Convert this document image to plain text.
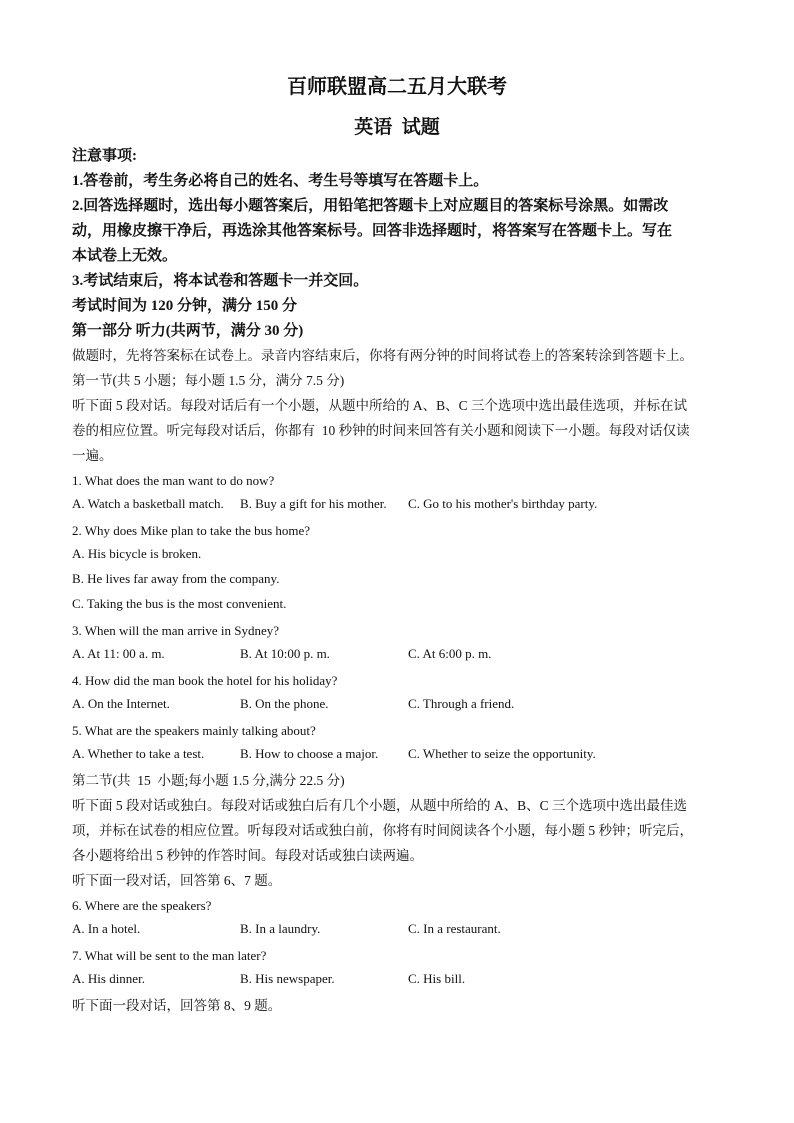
百师联盟高二五月大联考
英语  试题
注意事项:
1.答卷前，考生务必将自己的姓名、考生号等填写在答题卡上。
2.回答选择题时，选出每小题答案后，用铅笔把答题卡上对应题目的答案标号涂黑。如需改
动，用橡皮擦干净后，再选涂其他答案标号。回答非选择题时，将答案写在答题卡上。写在
本试卷上无效。
3.考试结束后，将本试卷和答题卡一并交回。
考试时间为 120 分钟，满分 150 分
第一部分 听力(共两节，满分 30 分)
做题时，先将答案标在试卷上。录音内容结束后，你将有两分钟的时间将试卷上的答案转涂到答题卡上。
第一节(共 5 小题；每小题 1.5 分，满分 7.5 分)
听下面 5 段对话。每段对话后有一个小题，从题中所给的 A、B、C 三个选项中选出最佳选项，并标在试
卷的相应位置。听完每段对话后，你都有  10 秒钟的时间来回答有关小题和阅读下一小题。每段对话仅读
一遍。
1. What does the man want to do now?
A. Watch a basketball match. B. Buy a gift for his mother. C. Go to his mother's birthday party.
2. Why does Mike plan to take the bus home?
A. His bicycle is broken.
B. He lives far away from the company.
C. Taking the bus is the most convenient.
3. When will the man arrive in Sydney?
A. At 11: 00 a. m.	B. At 10:00 p. m.	C. At 6:00 p. m.
4. How did the man book the hotel for his holiday?
A. On the Internet.	B. On the phone.	C. Through a friend.
5. What are the speakers mainly talking about?
A. Whether to take a test.	B. How to choose a major. C. Whether to seize the opportunity.
第二节(共  15  小题;每小题 1.5 分,满分 22.5 分)
听下面 5 段对话或独白。每段对话或独白后有几个小题，从题中所给的 A、B、C 三个选项中选出最佳选
项，并标在试卷的相应位置。听每段对话或独白前，你将有时间阅读各个小题，每小题 5 秒钟；听完后，
各小题将给出 5 秒钟的作答时间。每段对话或独白读两遍。
听下面一段对话，回答第 6、7 题。
6. Where are the speakers?
A. In a hotel.	B. In a laundry.	C. In a restaurant.
7. What will be sent to the man later?
A. His dinner.	B. His newspaper.	C. His bill.
听下面一段对话，回答第 8、9 题。
